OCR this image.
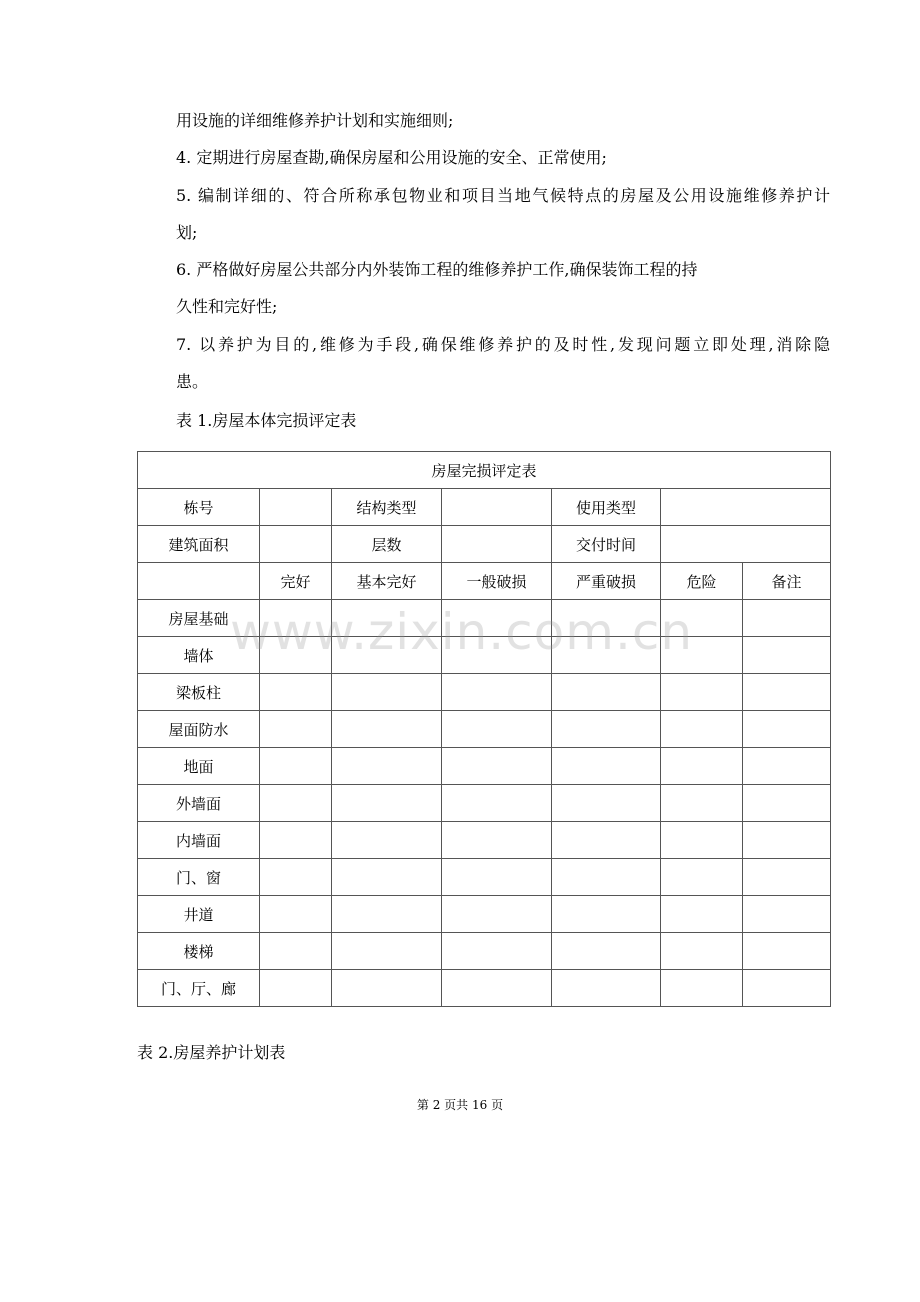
用设施的详细维修养护计划和实施细则;
4. 定期进行房屋查勘,确保房屋和公用设施的安全、正常使用;
5. 编制详细的、符合所称承包物业和项目当地气候特点的房屋及公用设施维修养护计
划;
6. 严格做好房屋公共部分内外装饰工程的维修养护工作,确保装饰工程的持
久性和完好性;
7. 以养护为目的,维修为手段,确保维修养护的及时性,发现问题立即处理,消除隐
患。
表 1.房屋本体完损评定表
房屋完损评定表						
栋号		结构类型		使用类型		
建筑面积		层数		交付时间		
	完好	基本完好	一般破损	严重破损	危险	备注
房屋基础						
墙体						
梁板柱						
屋面防水						
地面						
外墙面						
内墙面						
门、窗						
井道						
楼梯						
门、厅、廊						
www.zixin.com.cn
表 2.房屋养护计划表
第 2 页共 16 页
